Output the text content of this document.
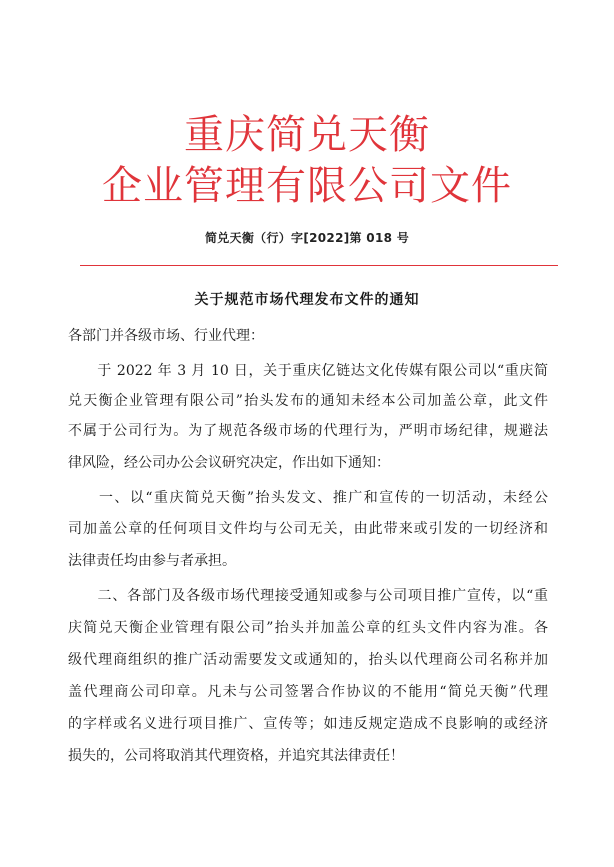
重庆简兑天衡
企业管理有限公司文件
简兑天衡（行）字[2022]第 018 号
关于规范市场代理发布文件的通知
各部门并各级市场、行业代理：
　　于 2022 年 3 月 10 日，关于重庆亿链达文化传媒有限公司以“重庆简
兑天衡企业管理有限公司”抬头发布的通知未经本公司加盖公章，此文件
不属于公司行为。为了规范各级市场的代理行为，严明市场纪律，规避法
律风险，经公司办公会议研究决定，作出如下通知：
　　一、以“重庆简兑天衡”抬头发文、推广和宣传的一切活动，未经公
司加盖公章的任何项目文件均与公司无关，由此带来或引发的一切经济和
法律责任均由参与者承担。
　　二、各部门及各级市场代理接受通知或参与公司项目推广宣传，以“重
庆简兑天衡企业管理有限公司”抬头并加盖公章的红头文件内容为准。各
级代理商组织的推广活动需要发文或通知的，抬头以代理商公司名称并加
盖代理商公司印章。凡未与公司签署合作协议的不能用“简兑天衡”代理
的字样或名义进行项目推广、宣传等；如违反规定造成不良影响的或经济
损失的，公司将取消其代理资格，并追究其法律责任！
